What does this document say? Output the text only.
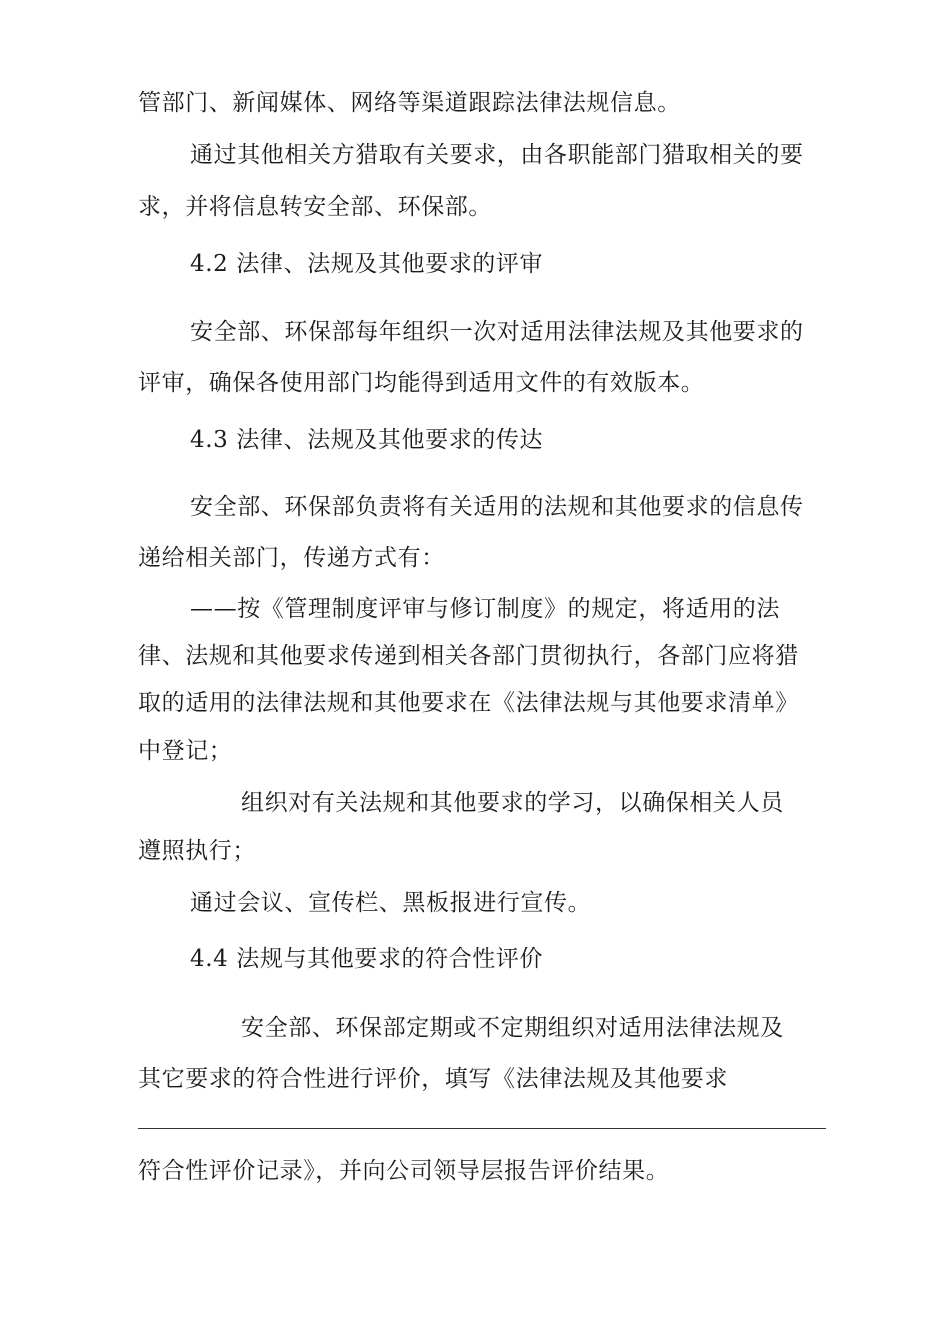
管部门、新闻媒体、网络等渠道跟踪法律法规信息。
通过其他相关方猎取有关要求，由各职能部门猎取相关的要
求，并将信息转安全部、环保部。
4.2 法律、法规及其他要求的评审
安全部、环保部每年组织一次对适用法律法规及其他要求的
评审，确保各使用部门均能得到适用文件的有效版本。
4.3 法律、法规及其他要求的传达
安全部、环保部负责将有关适用的法规和其他要求的信息传
递给相关部门，传递方式有：
——按《管理制度评审与修订制度》的规定，将适用的法
律、法规和其他要求传递到相关各部门贯彻执行，各部门应将猎
取的适用的法律法规和其他要求在《法律法规与其他要求清单》
中登记；
组织对有关法规和其他要求的学习，以确保相关人员
遵照执行；
通过会议、宣传栏、黑板报进行宣传。
4.4 法规与其他要求的符合性评价
安全部、环保部定期或不定期组织对适用法律法规及
其它要求的符合性进行评价，填写《法律法规及其他要求
符合性评价记录》，并向公司领导层报告评价结果。
